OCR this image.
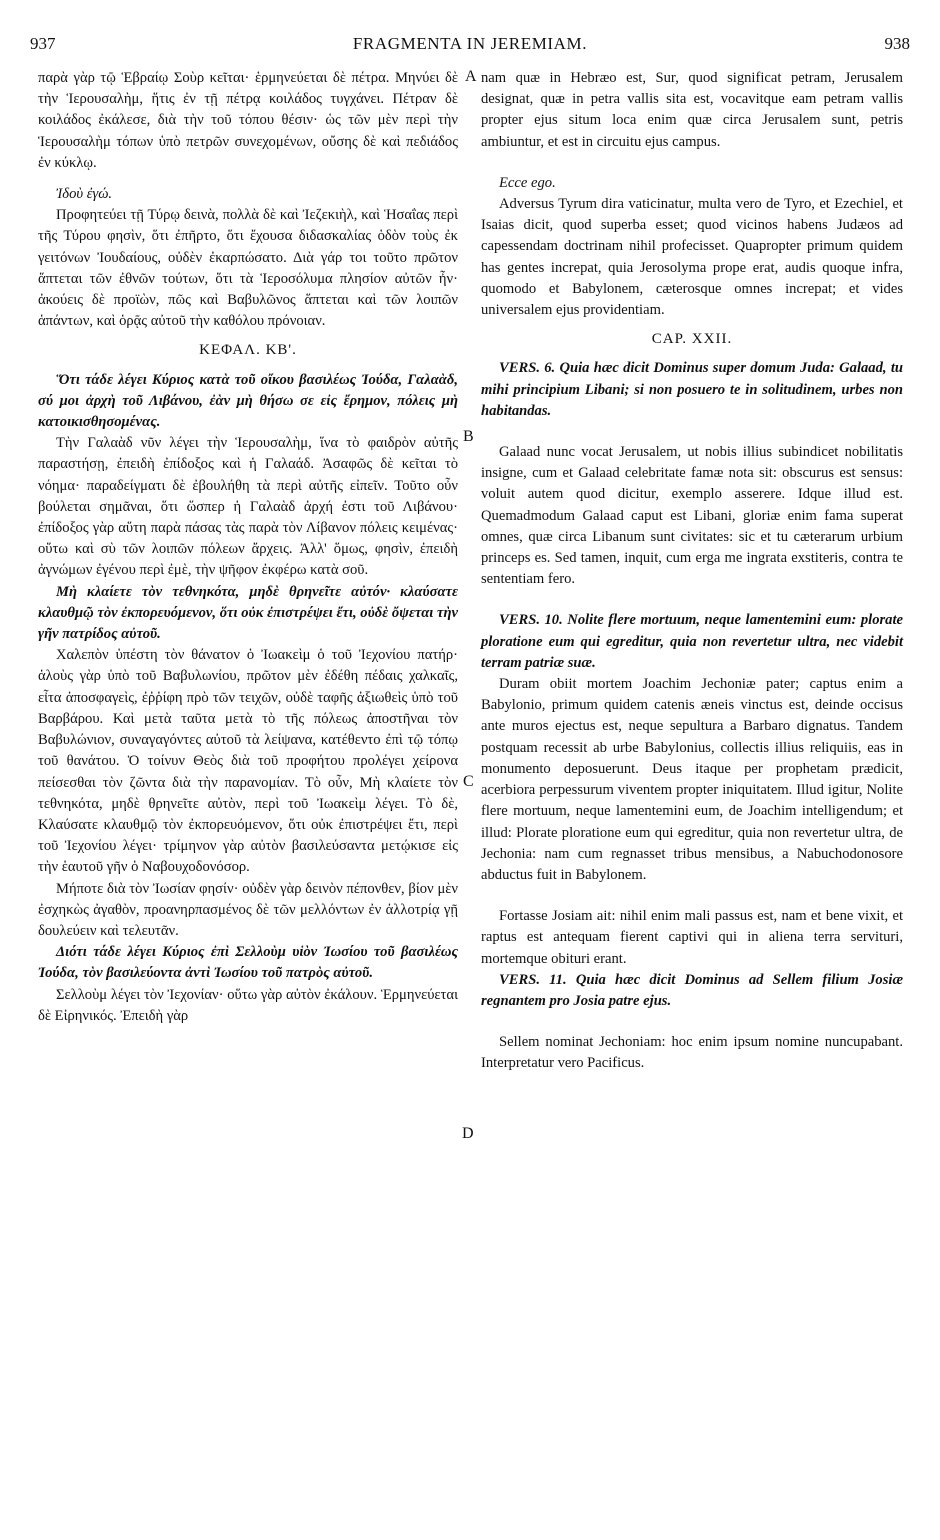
937	FRAGMENTA IN JEREMIAM.	938
A
B
C
D

παρὰ γὰρ τῷ Ἑβραίῳ Σοὺρ κεῖται· ἑρμηνεύεται δὲ πέτρα. Μηνύει δὲ τὴν Ἱερουσαλὴμ, ἥτις ἐν τῇ πέτρᾳ κοιλάδος τυγχάνει. Πέτραν δὲ κοιλάδος ἐκάλεσε, διὰ τὴν τοῦ τόπου θέσιν· ὡς τῶν μὲν περὶ τὴν Ἱερουσαλὴμ τόπων ὑπὸ πετρῶν συνεχομένων, οὔσης δὲ καὶ πεδιάδος ἐν κύκλῳ.

Ἰδοὺ ἐγώ.

Προφητεύει τῇ Τύρῳ δεινὰ, πολλὰ δὲ καὶ Ἰεζεκιὴλ, καὶ Ἡσαΐας περὶ τῆς Τύρου φησὶν, ὅτι ἐπῆρτο, ὅτι ἔχουσα διδασκαλίας ὁδὸν τοὺς ἐκ γειτόνων Ἰουδαίους, οὐδὲν ἐκαρπώσατο. Διὰ γάρ τοι τοῦτο πρῶτον ἅπτεται τῶν ἐθνῶν τούτων, ὅτι τὰ Ἱεροσόλυμα πλησίον αὐτῶν ἦν· ἀκούεις δὲ προϊὼν, πῶς καὶ Βαβυλῶνος ἅπτεται καὶ τῶν λοιπῶν ἁπάντων, καὶ ὁρᾷς αὐτοῦ τὴν καθόλου πρόνοιαν.

ΚΕΦΑΛ. ΚΒ'.

Ὅτι τάδε λέγει Κύριος κατὰ τοῦ οἴκου βασιλέως Ἰούδα, Γαλαὰδ, σύ μοι ἀρχὴ τοῦ Λιβάνου, ἐὰν μὴ θήσω σε εἰς ἔρημον, πόλεις μὴ κατοικισθησομένας.

Τὴν Γαλαὰδ νῦν λέγει τὴν Ἱερουσαλὴμ, ἵνα τὸ φαιδρὸν αὐτῆς παραστήσῃ, ἐπειδὴ ἐπίδοξος καὶ ἡ Γαλαάδ. Ἀσαφῶς δὲ κεῖται τὸ νόημα· παραδείγματι δὲ ἐβουλήθη τὰ περὶ αὐτῆς εἰπεῖν. Τοῦτο οὖν βούλεται σημᾶναι, ὅτι ὥσπερ ἡ Γαλαὰδ ἀρχή ἐστι τοῦ Λιβάνου· ἐπίδοξος γὰρ αὕτη παρὰ πάσας τὰς παρὰ τὸν Λίβανον πόλεις κειμένας· οὕτω καὶ σὺ τῶν λοιπῶν πόλεων ἄρχεις. Ἀλλ' ὅμως, φησὶν, ἐπειδὴ ἀγνώμων ἐγένου περὶ ἐμὲ, τὴν ψῆφον ἐκφέρω κατὰ σοῦ.

Μὴ κλαίετε τὸν τεθνηκότα, μηδὲ θρηνεῖτε αὐτόν· κλαύσατε κλαυθμῷ τὸν ἐκπορευόμενον, ὅτι οὐκ ἐπιστρέψει ἔτι, οὐδὲ ὄψεται τὴν γῆν πατρίδος αὐτοῦ.

Χαλεπὸν ὑπέστη τὸν θάνατον ὁ Ἰωακεὶμ ὁ τοῦ Ἰεχονίου πατήρ· ἁλοὺς γὰρ ὑπὸ τοῦ Βαβυλωνίου, πρῶτον μὲν ἐδέθη πέδαις χαλκαῖς, εἶτα ἀποσφαγεὶς, ἐῤῥίφη πρὸ τῶν τειχῶν, οὐδὲ ταφῆς ἀξιωθεὶς ὑπὸ τοῦ Βαρβάρου. Καὶ μετὰ ταῦτα μετὰ τὸ τῆς πόλεως ἀποστῆναι τὸν Βαβυλώνιον, συναγαγόντες αὐτοῦ τὰ λείψανα, κατέθεντο ἐπὶ τῷ τόπῳ τοῦ θανάτου. Ὁ τοίνυν Θεὸς διὰ τοῦ προφήτου προλέγει χείρονα πείσεσθαι τὸν ζῶντα διὰ τὴν παρανομίαν. Τὸ οὖν, Μὴ κλαίετε τὸν τεθνηκότα, μηδὲ θρηνεῖτε αὐτὸν, περὶ τοῦ Ἰωακεὶμ λέγει. Τὸ δὲ, Κλαύσατε κλαυθμῷ τὸν ἐκπορευόμενον, ὅτι οὐκ ἐπιστρέψει ἔτι, περὶ τοῦ Ἰεχονίου λέγει· τρίμηνον γὰρ αὐτὸν βασιλεύσαντα μετῴκισε εἰς τὴν ἑαυτοῦ γῆν ὁ Ναβουχοδονόσορ.

Μήποτε διὰ τὸν Ἰωσίαν φησίν· οὐδὲν γὰρ δεινὸν πέπονθεν, βίον μὲν ἐσχηκὼς ἀγαθὸν, προανηρπασμένος δὲ τῶν μελλόντων ἐν ἀλλοτρίᾳ γῇ δουλεύειν καὶ τελευτᾶν.

Διότι τάδε λέγει Κύριος ἐπὶ Σελλοὺμ υἱὸν Ἰωσίου τοῦ βασιλέως Ἰούδα, τὸν βασιλεύοντα ἀντὶ Ἰωσίου τοῦ πατρὸς αὐτοῦ.

Σελλοὺμ λέγει τὸν Ἰεχονίαν· οὕτω γὰρ αὐτὸν ἐκάλουν. Ἑρμηνεύεται δὲ Εἰρηνικός. Ἐπειδὴ γὰρ

nam quæ in Hebræo est, Sur, quod significat petram, Jerusalem designat, quæ in petra vallis sita est, vocavitque eam petram vallis propter ejus situm loca enim quæ circa Jerusalem sunt, petris ambiuntur, et est in circuitu ejus campus.

Ecce ego.

Adversus Tyrum dira vaticinatur, multa vero de Tyro, et Ezechiel, et Isaias dicit, quod superba esset; quod vicinos habens Judæos ad capessendam doctrinam nihil profecisset. Quapropter primum quidem has gentes increpat, quia Jerosolyma prope erat, audis quoque infra, quomodo et Babylonem, cæterosque omnes increpat; et vides universalem ejus providentiam.

CAP. XXII.

VERS. 6. Quia hæc dicit Dominus super domum Juda: Galaad, tu mihi principium Libani; si non posuero te in solitudinem, urbes non habitandas.

Galaad nunc vocat Jerusalem, ut nobis illius subindicet nobilitatis insigne, cum et Galaad celebritate famæ nota sit: obscurus est sensus: voluit autem quod dicitur, exemplo asserere. Idque illud est. Quemadmodum Galaad caput est Libani, gloriæ enim fama superat omnes, quæ circa Libanum sunt civitates: sic et tu cæterarum urbium princeps es. Sed tamen, inquit, cum erga me ingrata exstiteris, contra te sententiam fero.

VERS. 10. Nolite flere mortuum, neque lamentemini eum: plorate ploratione eum qui egreditur, quia non revertetur ultra, nec videbit terram patriæ suæ.

Duram obiit mortem Joachim Jechoniæ pater; captus enim a Babylonio, primum quidem catenis æneis vinctus est, deinde occisus ante muros ejectus est, neque sepultura a Barbaro dignatus. Tandem postquam recessit ab urbe Babylonius, collectis illius reliquiis, eas in monumento deposuerunt. Deus itaque per prophetam prædicit, acerbiora perpessurum viventem propter iniquitatem. Illud igitur, Nolite flere mortuum, neque lamentemini eum, de Joachim intelligendum; et illud: Plorate ploratione eum qui egreditur, quia non revertetur ultra, de Jechonia: nam cum regnasset tribus mensibus, a Nabuchodonosore abductus fuit in Babylonem.

Fortasse Josiam ait: nihil enim mali passus est, nam et bene vixit, et raptus est antequam fierent captivi qui in aliena terra servituri, mortemque obituri erant.

VERS. 11. Quia hæc dicit Dominus ad Sellem filium Josiæ regnantem pro Josia patre ejus.

Sellem nominat Jechoniam: hoc enim ipsum nomine nuncupabant. Interpretatur vero Pacificus.
